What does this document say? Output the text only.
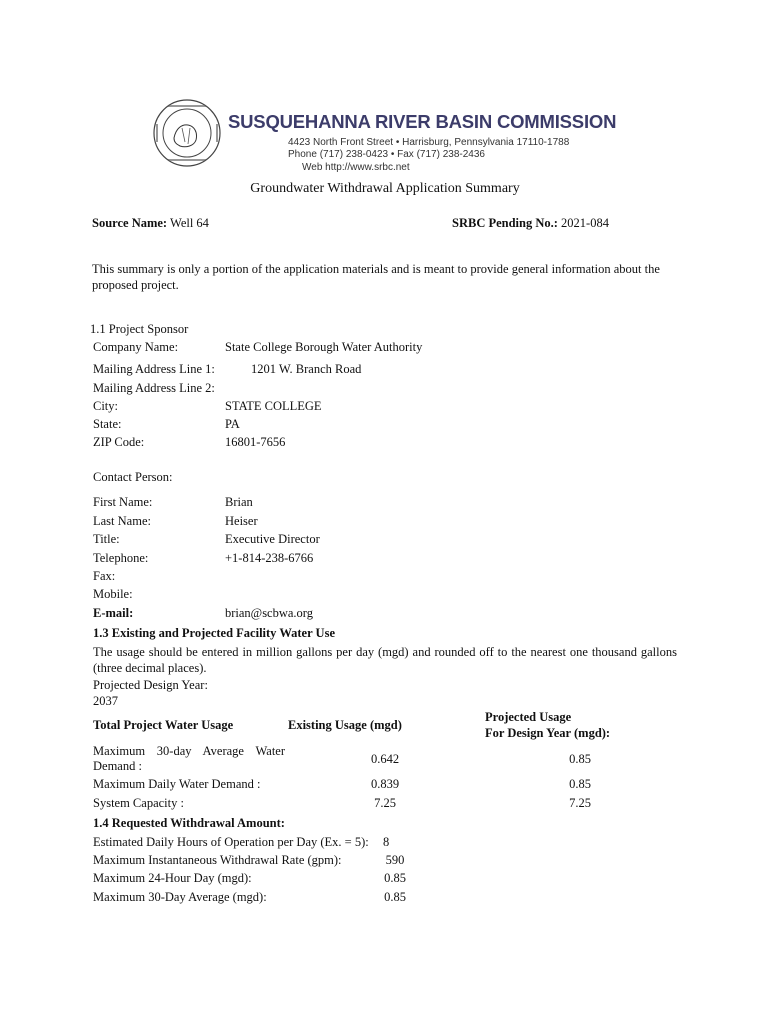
SUSQUEHANNA RIVER BASIN COMMISSION
4423 North Front Street • Harrisburg, Pennsylvania 17110-1788
Phone (717) 238-0423 • Fax (717) 238-2436
Web http://www.srbc.net
Groundwater Withdrawal Application Summary
Source Name: Well 64	SRBC Pending No.: 2021-084
This summary is only a portion of the application materials and is meant to provide general information about the proposed project.
1.1 Project Sponsor
Company Name:	State College Borough Water Authority
Mailing Address Line 1:	1201 W. Branch Road
Mailing Address Line 2:
City:	STATE COLLEGE
State:	PA
ZIP Code:	16801-7656
Contact Person:
First Name:	Brian
Last Name:	Heiser
Title:	Executive Director
Telephone:	+1-814-238-6766
Fax:
Mobile:
E-mail:	brian@scbwa.org
1.3 Existing and Projected Facility Water Use
The usage should be entered in million gallons per day (mgd) and rounded off to the nearest one thousand gallons (three decimal places).
Projected Design Year:
2037
Total Project Water Usage	Existing Usage (mgd)
Projected Usage
For Design Year (mgd):
Maximum 30-day Average Water Demand :	0.642	0.85
Maximum Daily Water Demand :	0.839	0.85
System Capacity :	7.25	7.25
1.4 Requested Withdrawal Amount:
Estimated Daily Hours of Operation per Day (Ex. = 5): 8
Maximum Instantaneous Withdrawal Rate (gpm):	590
Maximum 24-Hour Day (mgd):	0.85
Maximum 30-Day Average (mgd):	0.85
